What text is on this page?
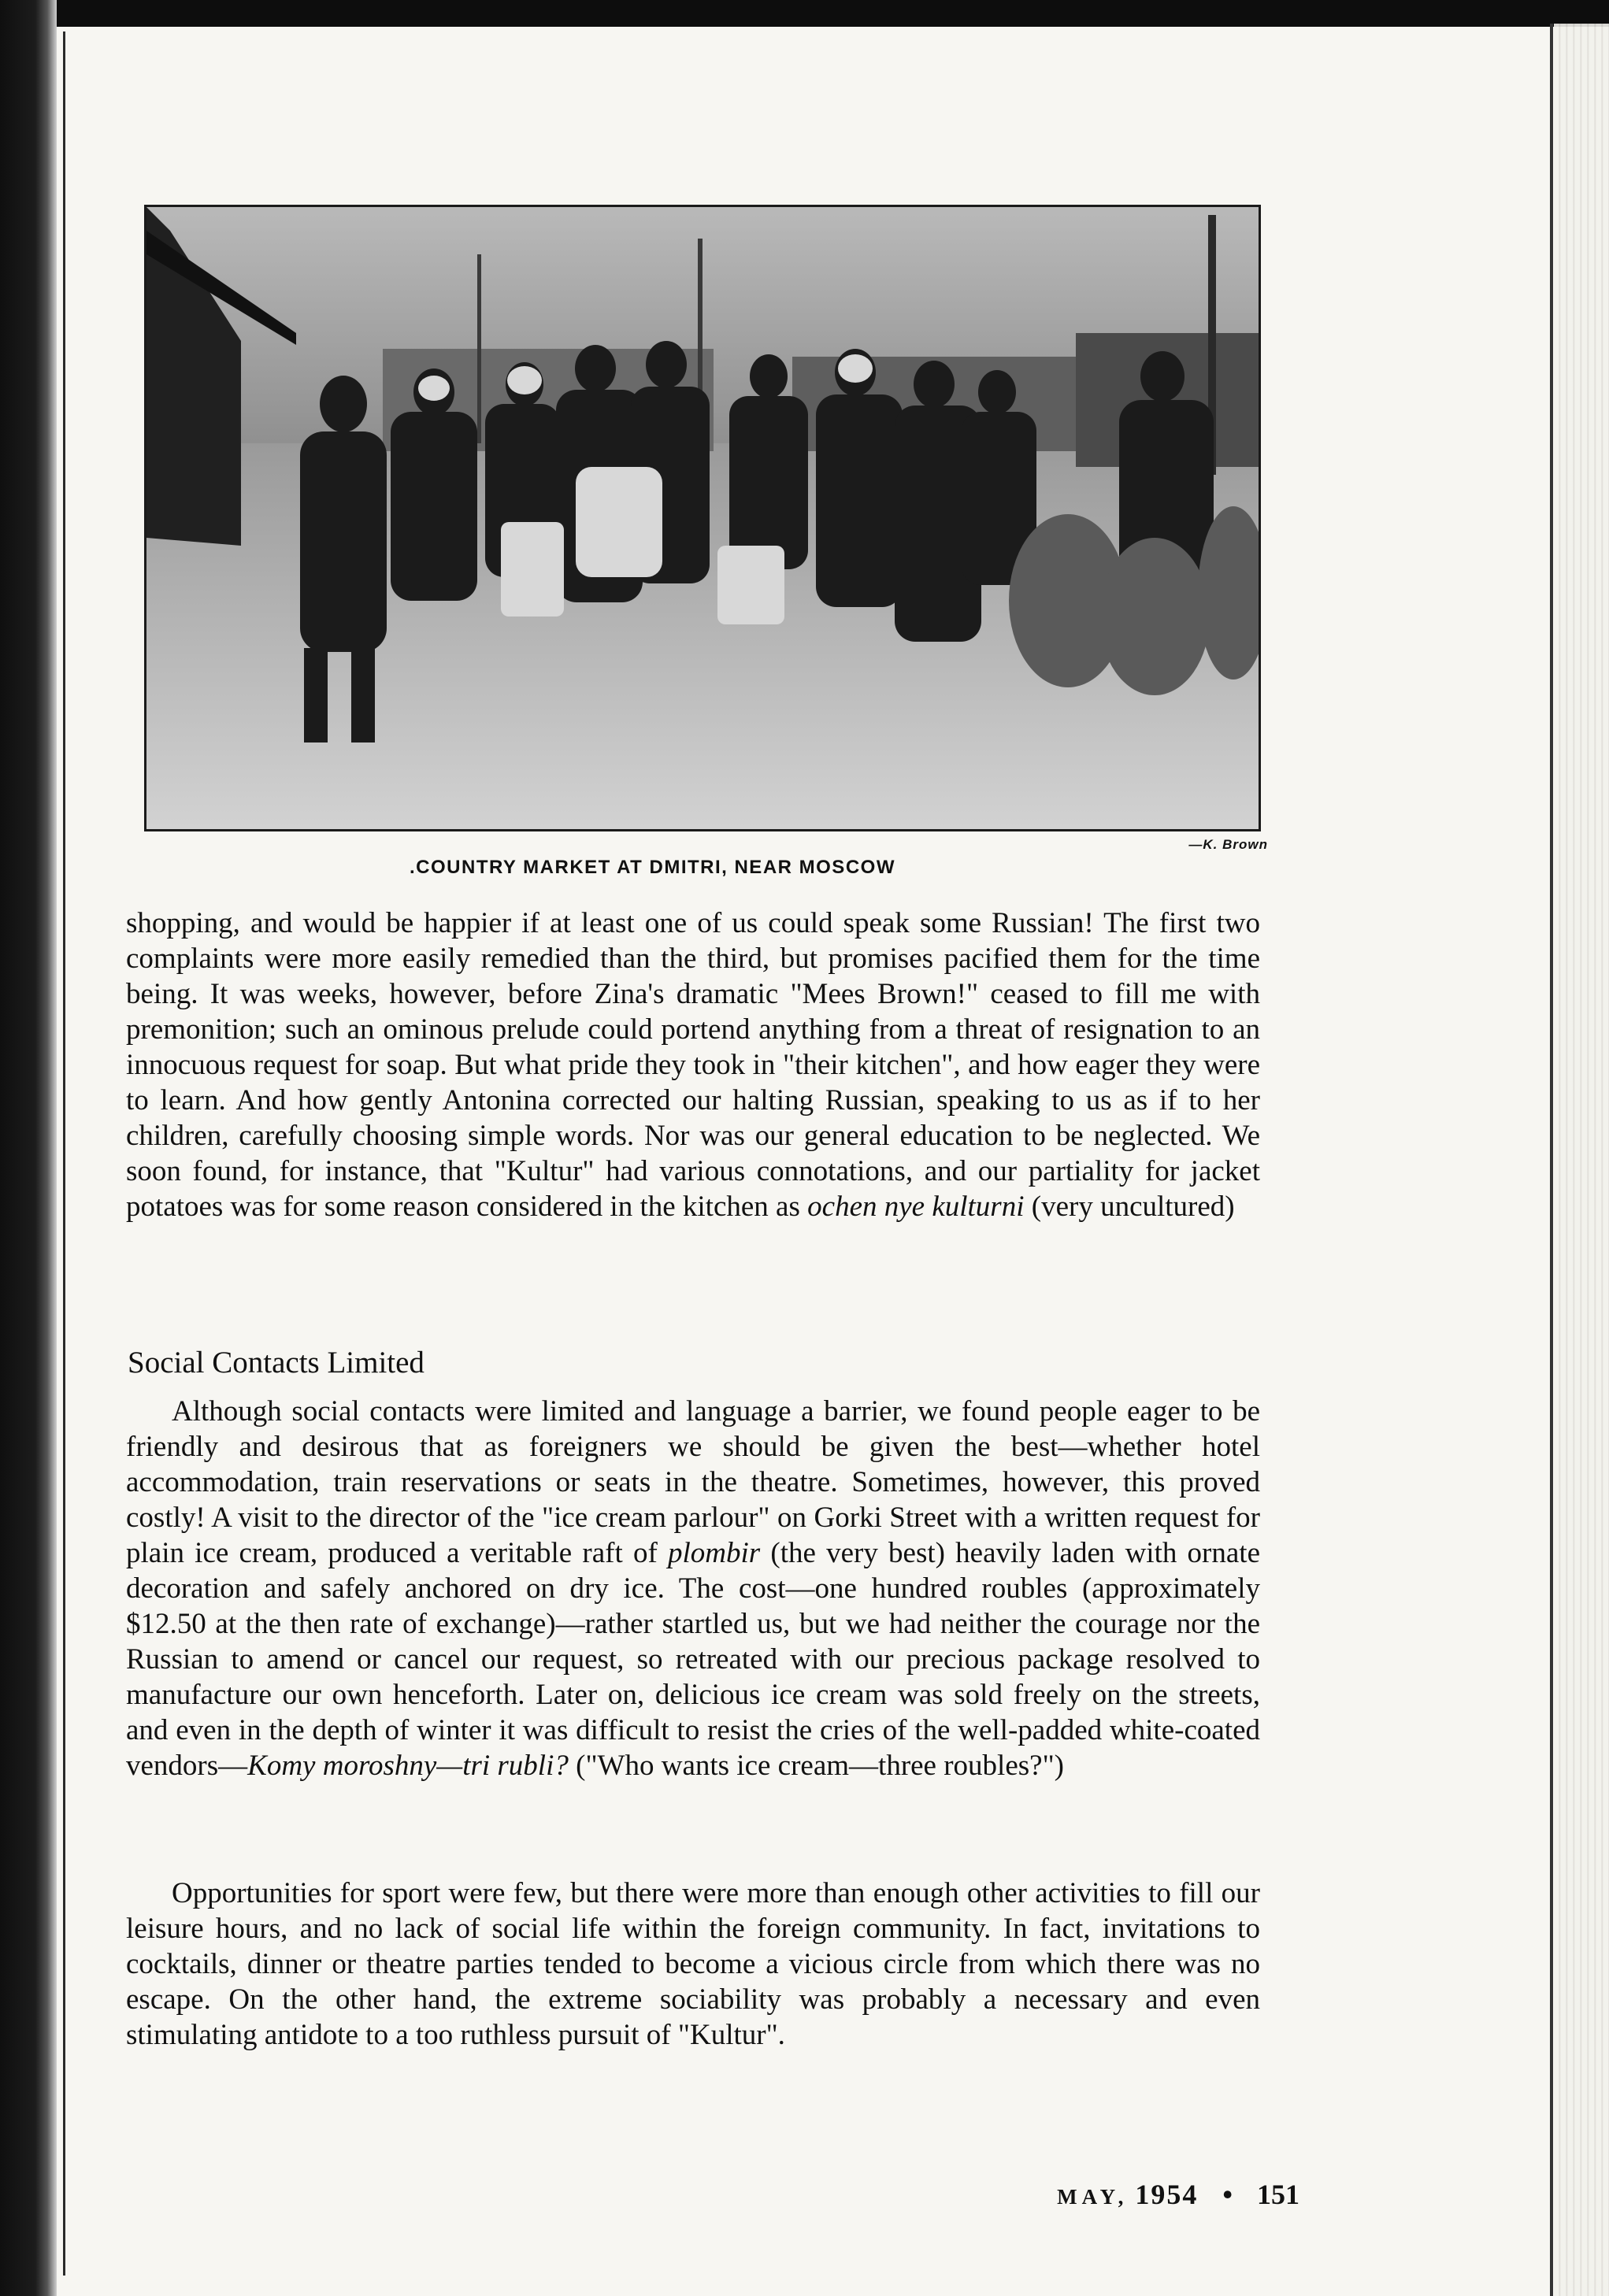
—K. Brown
.COUNTRY MARKET AT DMITRI, NEAR MOSCOW

shopping, and would be happier if at least one of us could speak some Russian! The first two complaints were more easily remedied than the third, but promises pacified them for the time being. It was weeks, however, before Zina's dramatic "Mees Brown!" ceased to fill me with premonition; such an ominous prelude could portend anything from a threat of resignation to an innocuous request for soap. But what pride they took in "their kitchen", and how eager they were to learn. And how gently Antonina corrected our halting Russian, speaking to us as if to her children, carefully choosing simple words. Nor was our general education to be neglected. We soon found, for instance, that "Kultur" had various connotations, and our partiality for jacket potatoes was for some reason considered in the kitchen as ochen nye kulturni (very uncultured)

Social Contacts Limited

Although social contacts were limited and language a barrier, we found people eager to be friendly and desirous that as foreigners we should be given the best—whether hotel accommodation, train reservations or seats in the theatre. Sometimes, however, this proved costly! A visit to the director of the "ice cream parlour" on Gorki Street with a written request for plain ice cream, produced a veritable raft of plombir (the very best) heavily laden with ornate decoration and safely anchored on dry ice. The cost—one hundred roubles (approximately $12.50 at the then rate of exchange)—rather startled us, but we had neither the courage nor the Russian to amend or cancel our request, so retreated with our precious package resolved to manufacture our own henceforth. Later on, delicious ice cream was sold freely on the streets, and even in the depth of winter it was difficult to resist the cries of the well-padded white-coated vendors—Komy moroshny—tri rubli? ("Who wants ice cream—three roubles?")

Opportunities for sport were few, but there were more than enough other activities to fill our leisure hours, and no lack of social life within the foreign community. In fact, invitations to cocktails, dinner or theatre parties tended to become a vicious circle from which there was no escape. On the other hand, the extreme sociability was probably a necessary and even stimulating antidote to a too ruthless pursuit of "Kultur".

MAY, 1954 • 151
